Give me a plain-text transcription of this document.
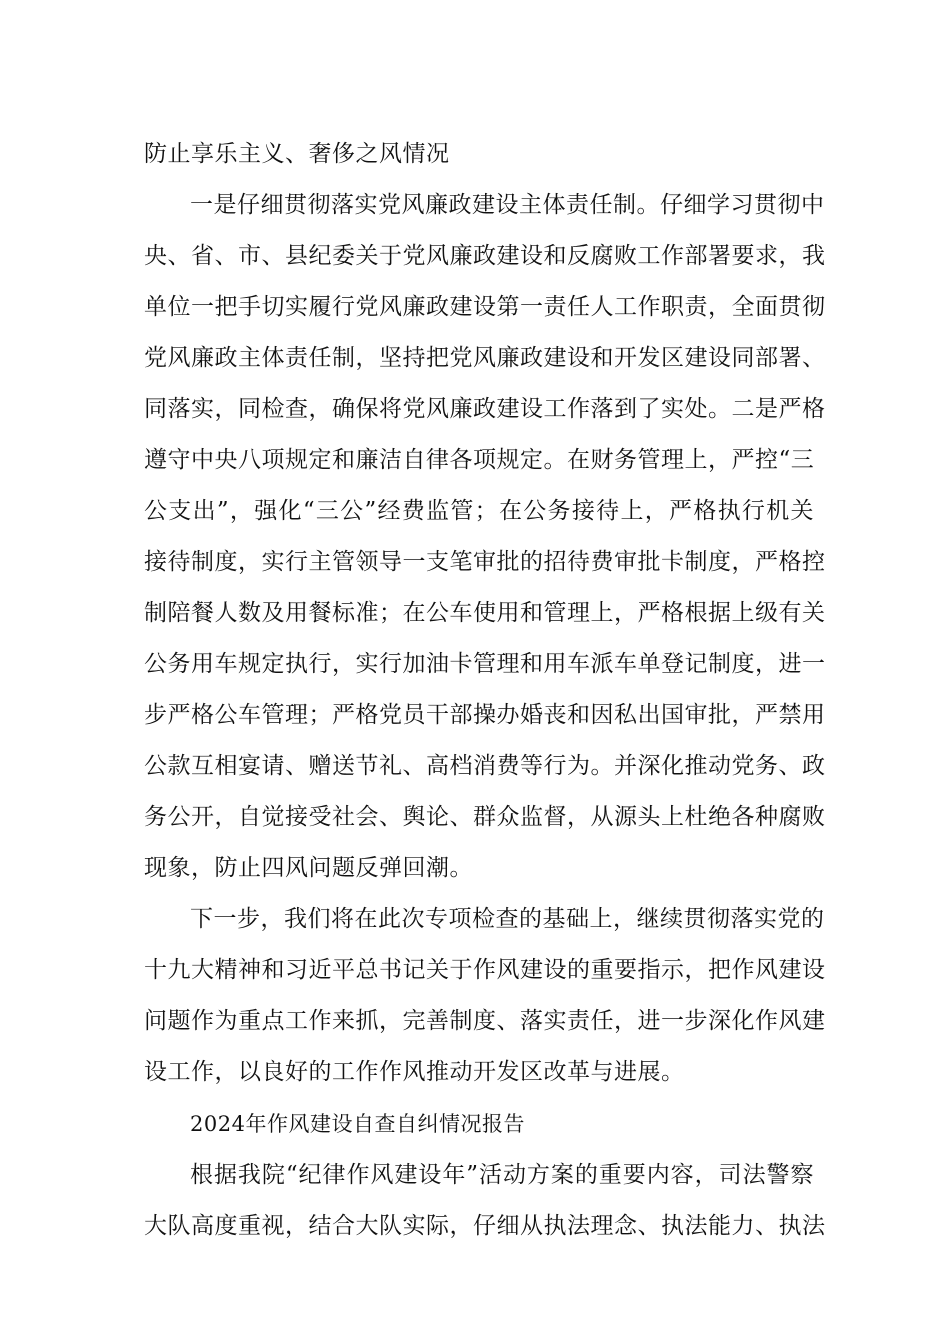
防止享乐主义、奢侈之风情况
一是仔细贯彻落实党风廉政建设主体责任制。仔细学习贯彻中
央、省、市、县纪委关于党风廉政建设和反腐败工作部署要求，我
单位一把手切实履行党风廉政建设第一责任人工作职责，全面贯彻
党风廉政主体责任制，坚持把党风廉政建设和开发区建设同部署、
同落实，同检查，确保将党风廉政建设工作落到了实处。二是严格
遵守中央八项规定和廉洁自律各项规定。在财务管理上，严控“三
公支出”，强化“三公”经费监管；在公务接待上，严格执行机关
接待制度，实行主管领导一支笔审批的招待费审批卡制度，严格控
制陪餐人数及用餐标准；在公车使用和管理上，严格根据上级有关
公务用车规定执行，实行加油卡管理和用车派车单登记制度，进一
步严格公车管理；严格党员干部操办婚丧和因私出国审批，严禁用
公款互相宴请、赠送节礼、高档消费等行为。并深化推动党务、政
务公开，自觉接受社会、舆论、群众监督，从源头上杜绝各种腐败
现象，防止四风问题反弹回潮。
下一步，我们将在此次专项检查的基础上，继续贯彻落实党的
十九大精神和习近平总书记关于作风建设的重要指示，把作风建设
问题作为重点工作来抓，完善制度、落实责任，进一步深化作风建
设工作，以良好的工作作风推动开发区改革与进展。
2024年作风建设自查自纠情况报告
根据我院“纪律作风建设年”活动方案的重要内容，司法警察
大队高度重视，结合大队实际，仔细从执法理念、执法能力、执法
